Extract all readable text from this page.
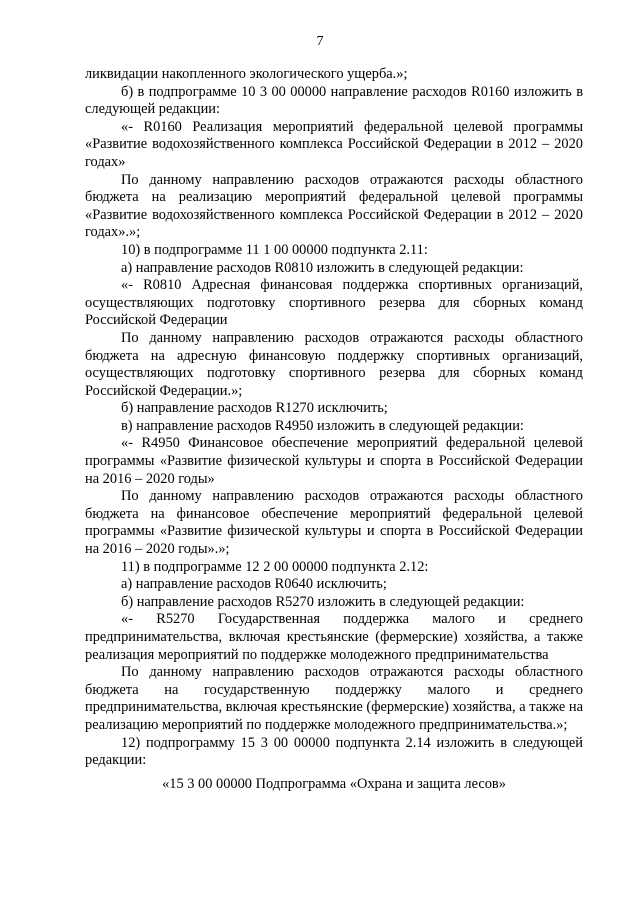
7

ликвидации накопленного экологического ущерба.»;

б) в подпрограмме 10 3 00 00000 направление расходов R0160 изложить в следующей редакции:

«- R0160 Реализация мероприятий федеральной целевой программы «Развитие водохозяйственного комплекса Российской Федерации в 2012 – 2020 годах»

По данному направлению расходов отражаются расходы областного бюджета на реализацию мероприятий федеральной целевой программы «Развитие водохозяйственного комплекса Российской Федерации в 2012 – 2020 годах».»;

10) в подпрограмме 11 1 00 00000 подпункта 2.11:

а) направление расходов R0810 изложить в следующей редакции:

«- R0810 Адресная финансовая поддержка спортивных организаций, осуществляющих подготовку спортивного резерва для сборных команд Российской Федерации

По данному направлению расходов отражаются расходы областного бюджета на адресную финансовую поддержку спортивных организаций, осуществляющих подготовку спортивного резерва для сборных команд Российской Федерации.»;

б) направление расходов R1270 исключить;

в) направление расходов R4950 изложить в следующей редакции:

«- R4950 Финансовое обеспечение мероприятий федеральной целевой программы «Развитие физической культуры и спорта в Российской Федерации на 2016 – 2020 годы»

По данному направлению расходов отражаются расходы областного бюджета на финансовое обеспечение мероприятий федеральной целевой программы «Развитие физической культуры и спорта в Российской Федерации на 2016 – 2020 годы».»;

11) в подпрограмме 12 2 00 00000 подпункта 2.12:

а) направление расходов R0640 исключить;

б) направление расходов R5270 изложить в следующей редакции:

«- R5270 Государственная поддержка малого и среднего предпринимательства, включая крестьянские (фермерские) хозяйства, а также реализация мероприятий по поддержке молодежного предпринимательства

По данному направлению расходов отражаются расходы областного бюджета на государственную поддержку малого и среднего предпринимательства, включая крестьянские (фермерские) хозяйства, а также на реализацию мероприятий по поддержке молодежного предпринимательства.»;

12) подпрограмму 15 3 00 00000 подпункта 2.14 изложить в следующей редакции:

«15 3 00 00000 Подпрограмма «Охрана и защита лесов»
